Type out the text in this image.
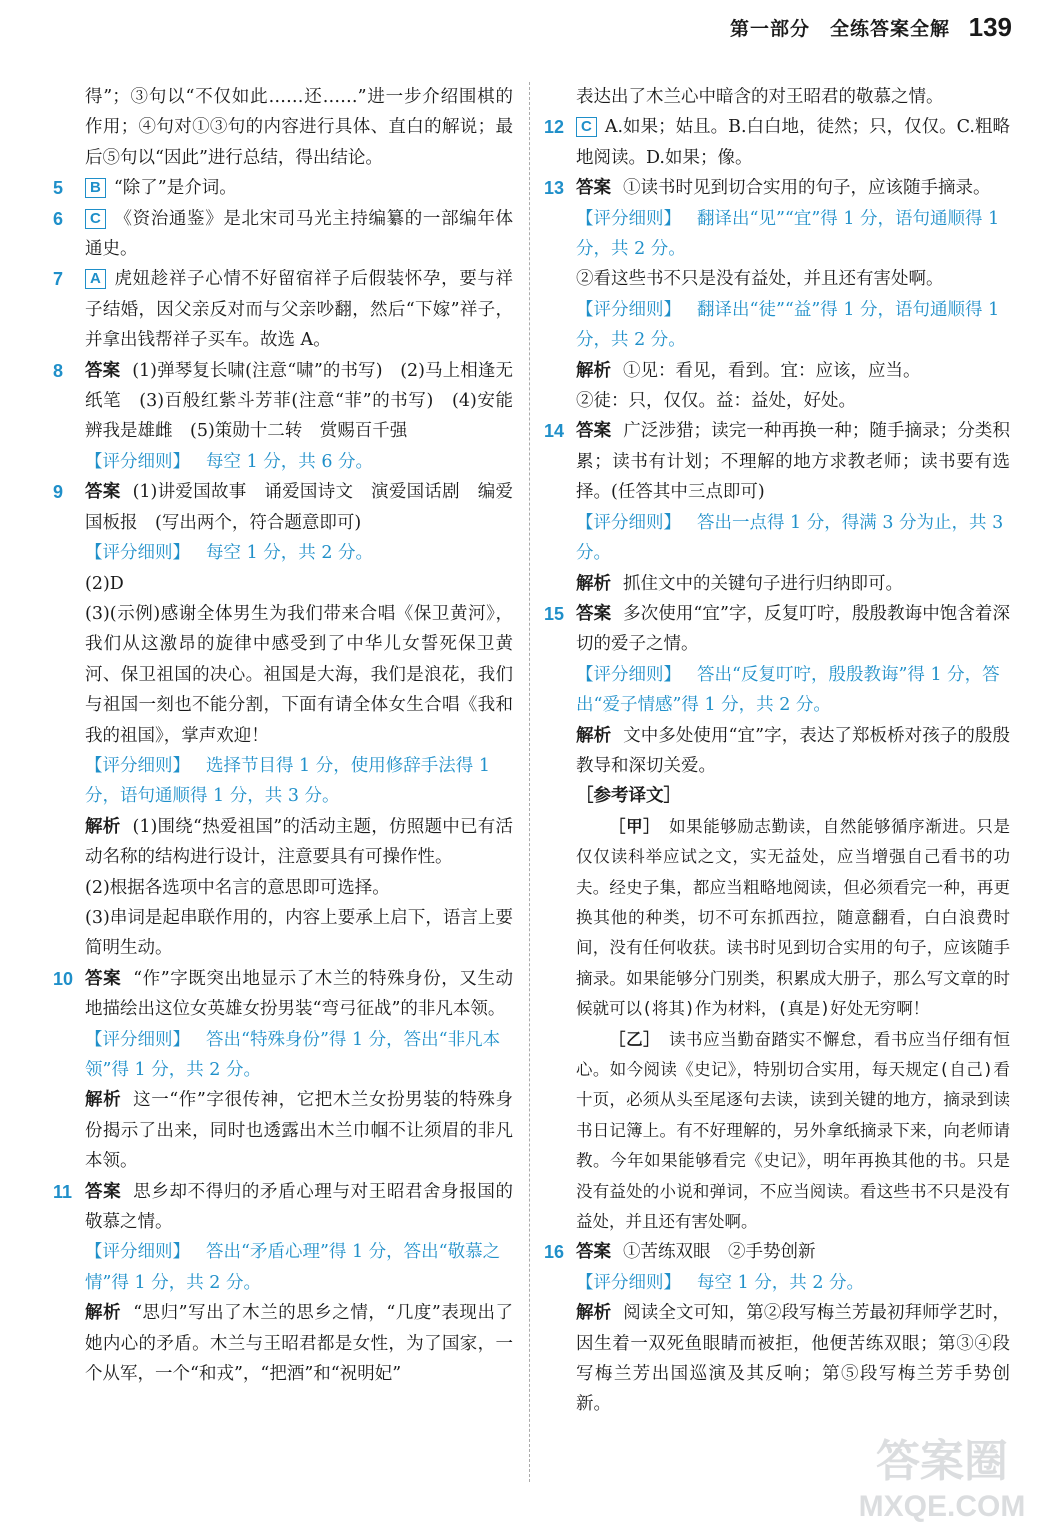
第一部分　全练答案全解 139

得”；③句以“不仅如此……还……”进一步介绍围棋的作用；④句对①③句的内容进行具体、直白的解说；最后⑤句以“因此”进行总结，得出结论。

5	B “除了”是介词。
6	C 《资治通鉴》是北宋司马光主持编纂的一部编年体通史。
7	A 虎妞趁祥子心情不好留宿祥子后假装怀孕，要与祥子结婚，因父亲反对而与父亲吵翻，然后“下嫁”祥子，并拿出钱帮祥子买车。故选 A。
8	答案 (1)弹琴复长啸(注意“啸”的书写)　(2)马上相逢无纸笔　(3)百般红紫斗芳菲(注意“菲”的书写)　(4)安能辨我是雄雌　(5)策勋十二转　赏赐百千强

【评分细则】 每空 1 分，共 6 分。

9	答案 (1)讲爱国故事　诵爱国诗文　演爱国话剧　编爱国板报　(写出两个，符合题意即可)

【评分细则】 每空 1 分，共 2 分。

(2)D

(3)(示例)感谢全体男生为我们带来合唱《保卫黄河》，我们从这激昂的旋律中感受到了中华儿女誓死保卫黄河、保卫祖国的决心。祖国是大海，我们是浪花，我们与祖国一刻也不能分割，下面有请全体女生合唱《我和我的祖国》，掌声欢迎！

【评分细则】 选择节目得 1 分，使用修辞手法得 1 分，语句通顺得 1 分，共 3 分。

解析 (1)围绕“热爱祖国”的活动主题，仿照题中已有活动名称的结构进行设计，注意要具有可操作性。

(2)根据各选项中名言的意思即可选择。

(3)串词是起串联作用的，内容上要承上启下，语言上要简明生动。

10 答案 “作”字既突出地显示了木兰的特殊身份，又生动地描绘出这位女英雄女扮男装“弯弓征战”的非凡本领。

【评分细则】 答出“特殊身份”得 1 分，答出“非凡本领”得 1 分，共 2 分。

解析 这一“作”字很传神，它把木兰女扮男装的特殊身份揭示了出来，同时也透露出木兰巾帼不让须眉的非凡本领。

11 答案 思乡却不得归的矛盾心理与对王昭君舍身报国的敬慕之情。

【评分细则】 答出“矛盾心理”得 1 分，答出“敬慕之情”得 1 分，共 2 分。

解析 “思归”写出了木兰的思乡之情，“几度”表现出了她内心的矛盾。木兰与王昭君都是女性，为了国家，一个从军，一个“和戎”，“把酒”和“祝明妃”

表达出了木兰心中暗含的对王昭君的敬慕之情。

12	C A.如果；姑且。B.白白地，徒然；只，仅仅。C.粗略地阅读。D.如果；像。
13 答案 ①读书时见到切合实用的句子，应该随手摘录。

【评分细则】 翻译出“见”“宜”得 1 分，语句通顺得 1 分，共 2 分。

②看这些书不只是没有益处，并且还有害处啊。

【评分细则】 翻译出“徒”“益”得 1 分，语句通顺得 1 分，共 2 分。

解析 ①见：看见，看到。宜：应该，应当。

②徒：只，仅仅。益：益处，好处。

14 答案 广泛涉猎；读完一种再换一种；随手摘录；分类积累；读书有计划；不理解的地方求教老师；读书要有选择。(任答其中三点即可)

【评分细则】 答出一点得 1 分，得满 3 分为止，共 3 分。

解析 抓住文中的关键句子进行归纳即可。

15 答案 多次使用“宜”字，反复叮咛，殷殷教诲中饱含着深切的爱子之情。

【评分细则】 答出“反复叮咛，殷殷教诲”得 1 分，答出“爱子情感”得 1 分，共 2 分。

解析 文中多处使用“宜”字，表达了郑板桥对孩子的殷殷教导和深切关爱。

［参考译文］

［甲］　 如果能够励志勤读，自然能够循序渐进。只是仅仅读科举应试之文，实无益处，应当增强自己看书的功夫。经史子集，都应当粗略地阅读，但必须看完一种，再更换其他的种类，切不可东抓西拉，随意翻看，白白浪费时间，没有任何收获。读书时见到切合实用的句子，应该随手摘录。如果能够分门别类，积累成大册子，那么写文章的时候就可以(将其)作为材料，(真是)好处无穷啊！

［乙］　 读书应当勤奋踏实不懈怠，看书应当仔细有恒心。如今阅读《史记》，特别切合实用，每天规定(自己)看十页，必须从头至尾逐句去读，读到关键的地方，摘录到读书日记簿上。有不好理解的，另外拿纸摘录下来，向老师请教。今年如果能够看完《史记》，明年再换其他的书。只是没有益处的小说和弹词，不应当阅读。看这些书不只是没有益处，并且还有害处啊。

16 答案 ①苦练双眼　②手势创新

【评分细则】 每空 1 分，共 2 分。

解析 阅读全文可知，第②段写梅兰芳最初拜师学艺时，因生着一双死鱼眼睛而被拒，他便苦练双眼；第③④段写梅兰芳出国巡演及其反响；第⑤段写梅兰芳手势创新。

答案圈
MXQE.COM
